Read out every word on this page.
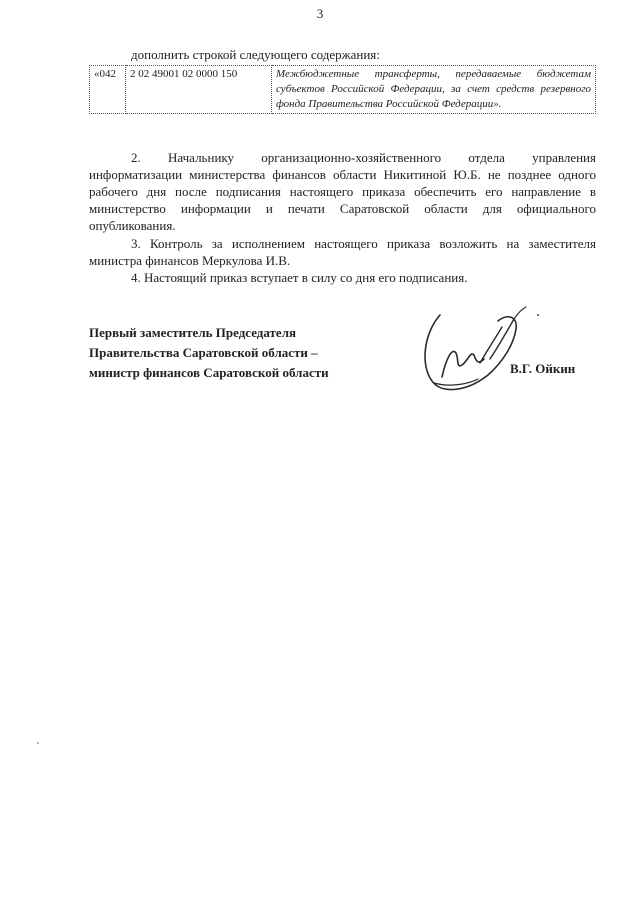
3
дополнить строкой следующего содержания:
«042	2 02 49001 02 0000 150	Межбюджетные трансферты, передаваемые бюджетам субъектов Российской Федерации, за счет средств резервного фонда Правительства Российской Федерации».
2. Начальнику организационно-хозяйственного отдела управления информатизации министерства финансов области Никитиной Ю.Б. не позднее одного рабочего дня после подписания настоящего приказа обеспечить его направление в министерство информации и печати Саратовской области для официального опубликования.
3. Контроль за исполнением настоящего приказа возложить на заместителя министра финансов Меркулова И.В.
4. Настоящий приказ вступает в силу со дня его подписания.
Первый заместитель Председателя
Правительства Саратовской области –
министр финансов Саратовской области	В.Г. Ойкин
